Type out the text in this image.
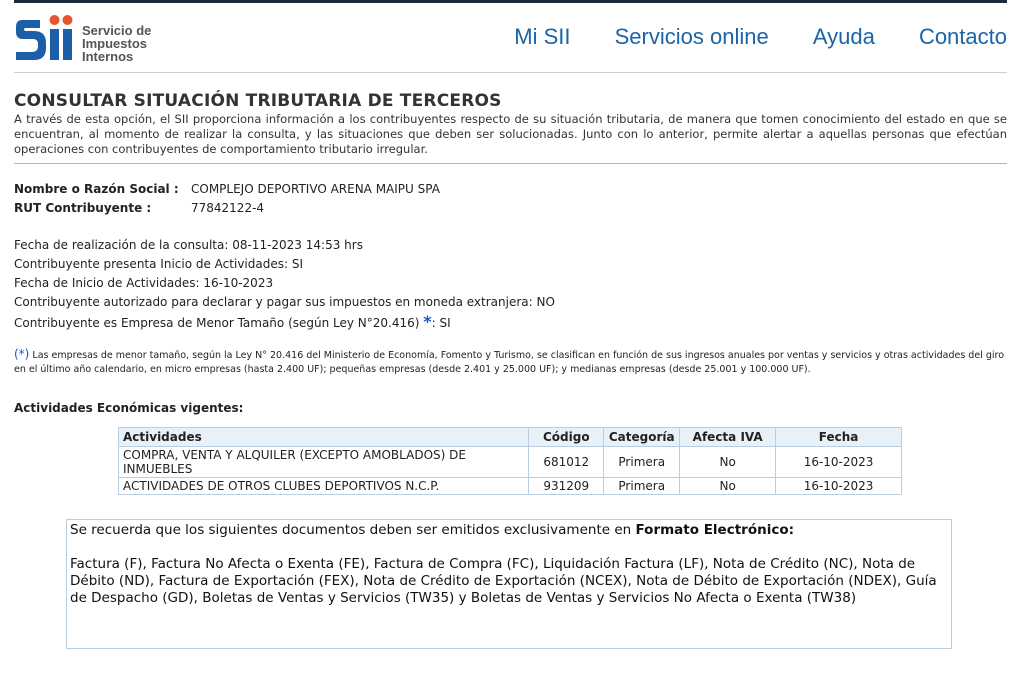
Servicio de
Impuestos
Internos
Mi SII Servicios online Ayuda Contacto
CONSULTAR SITUACIÓN TRIBUTARIA DE TERCEROS

A través de esta opción, el SII proporciona información a los contribuyentes respecto de su situación tributaria, de manera que tomen conocimiento del estado en que se encuentran, al momento de realizar la consulta, y las situaciones que deben ser solucionadas. Junto con lo anterior, permite alertar a aquellas personas que efectúan operaciones con contribuyentes de comportamiento tributario irregular.

Nombre o Razón Social : COMPLEJO DEPORTIVO ARENA MAIPU SPA
RUT Contribuyente :	77842122-4
Fecha de realización de la consulta: 08-11-2023 14:53 hrs
Contribuyente presenta Inicio de Actividades: SI
Fecha de Inicio de Actividades: 16-10-2023
Contribuyente autorizado para declarar y pagar sus impuestos en moneda extranjera: NO
Contribuyente es Empresa de Menor Tamaño (según Ley N°20.416) *: SI
(*) Las empresas de menor tamaño, según la Ley N° 20.416 del Ministerio de Economía, Fomento y Turismo, se clasifican en función de sus ingresos anuales por ventas y servicios y otras actividades del giro en el último año calendario, en micro empresas (hasta 2.400 UF); pequeñas empresas (desde 2.401 y 25.000 UF); y medianas empresas (desde 25.001 y 100.000 UF).
Actividades Económicas vigentes:
Actividades	Código	Categoría	Afecta IVA	Fecha
COMPRA, VENTA Y ALQUILER (EXCEPTO AMOBLADOS) DE INMUEBLES	681012	Primera	No	16-10-2023
ACTIVIDADES DE OTROS CLUBES DEPORTIVOS N.C.P.	931209	Primera	No	16-10-2023

Se recuerda que los siguientes documentos deben ser emitidos exclusivamente en Formato Electrónico:

Factura (F), Factura No Afecta o Exenta (FE), Factura de Compra (FC), Liquidación Factura (LF), Nota de Crédito (NC), Nota de Débito (ND), Factura de Exportación (FEX), Nota de Crédito de Exportación (NCEX), Nota de Débito de Exportación (NDEX), Guía de Despacho (GD), Boletas de Ventas y Servicios (TW35) y Boletas de Ventas y Servicios No Afecta o Exenta (TW38)
